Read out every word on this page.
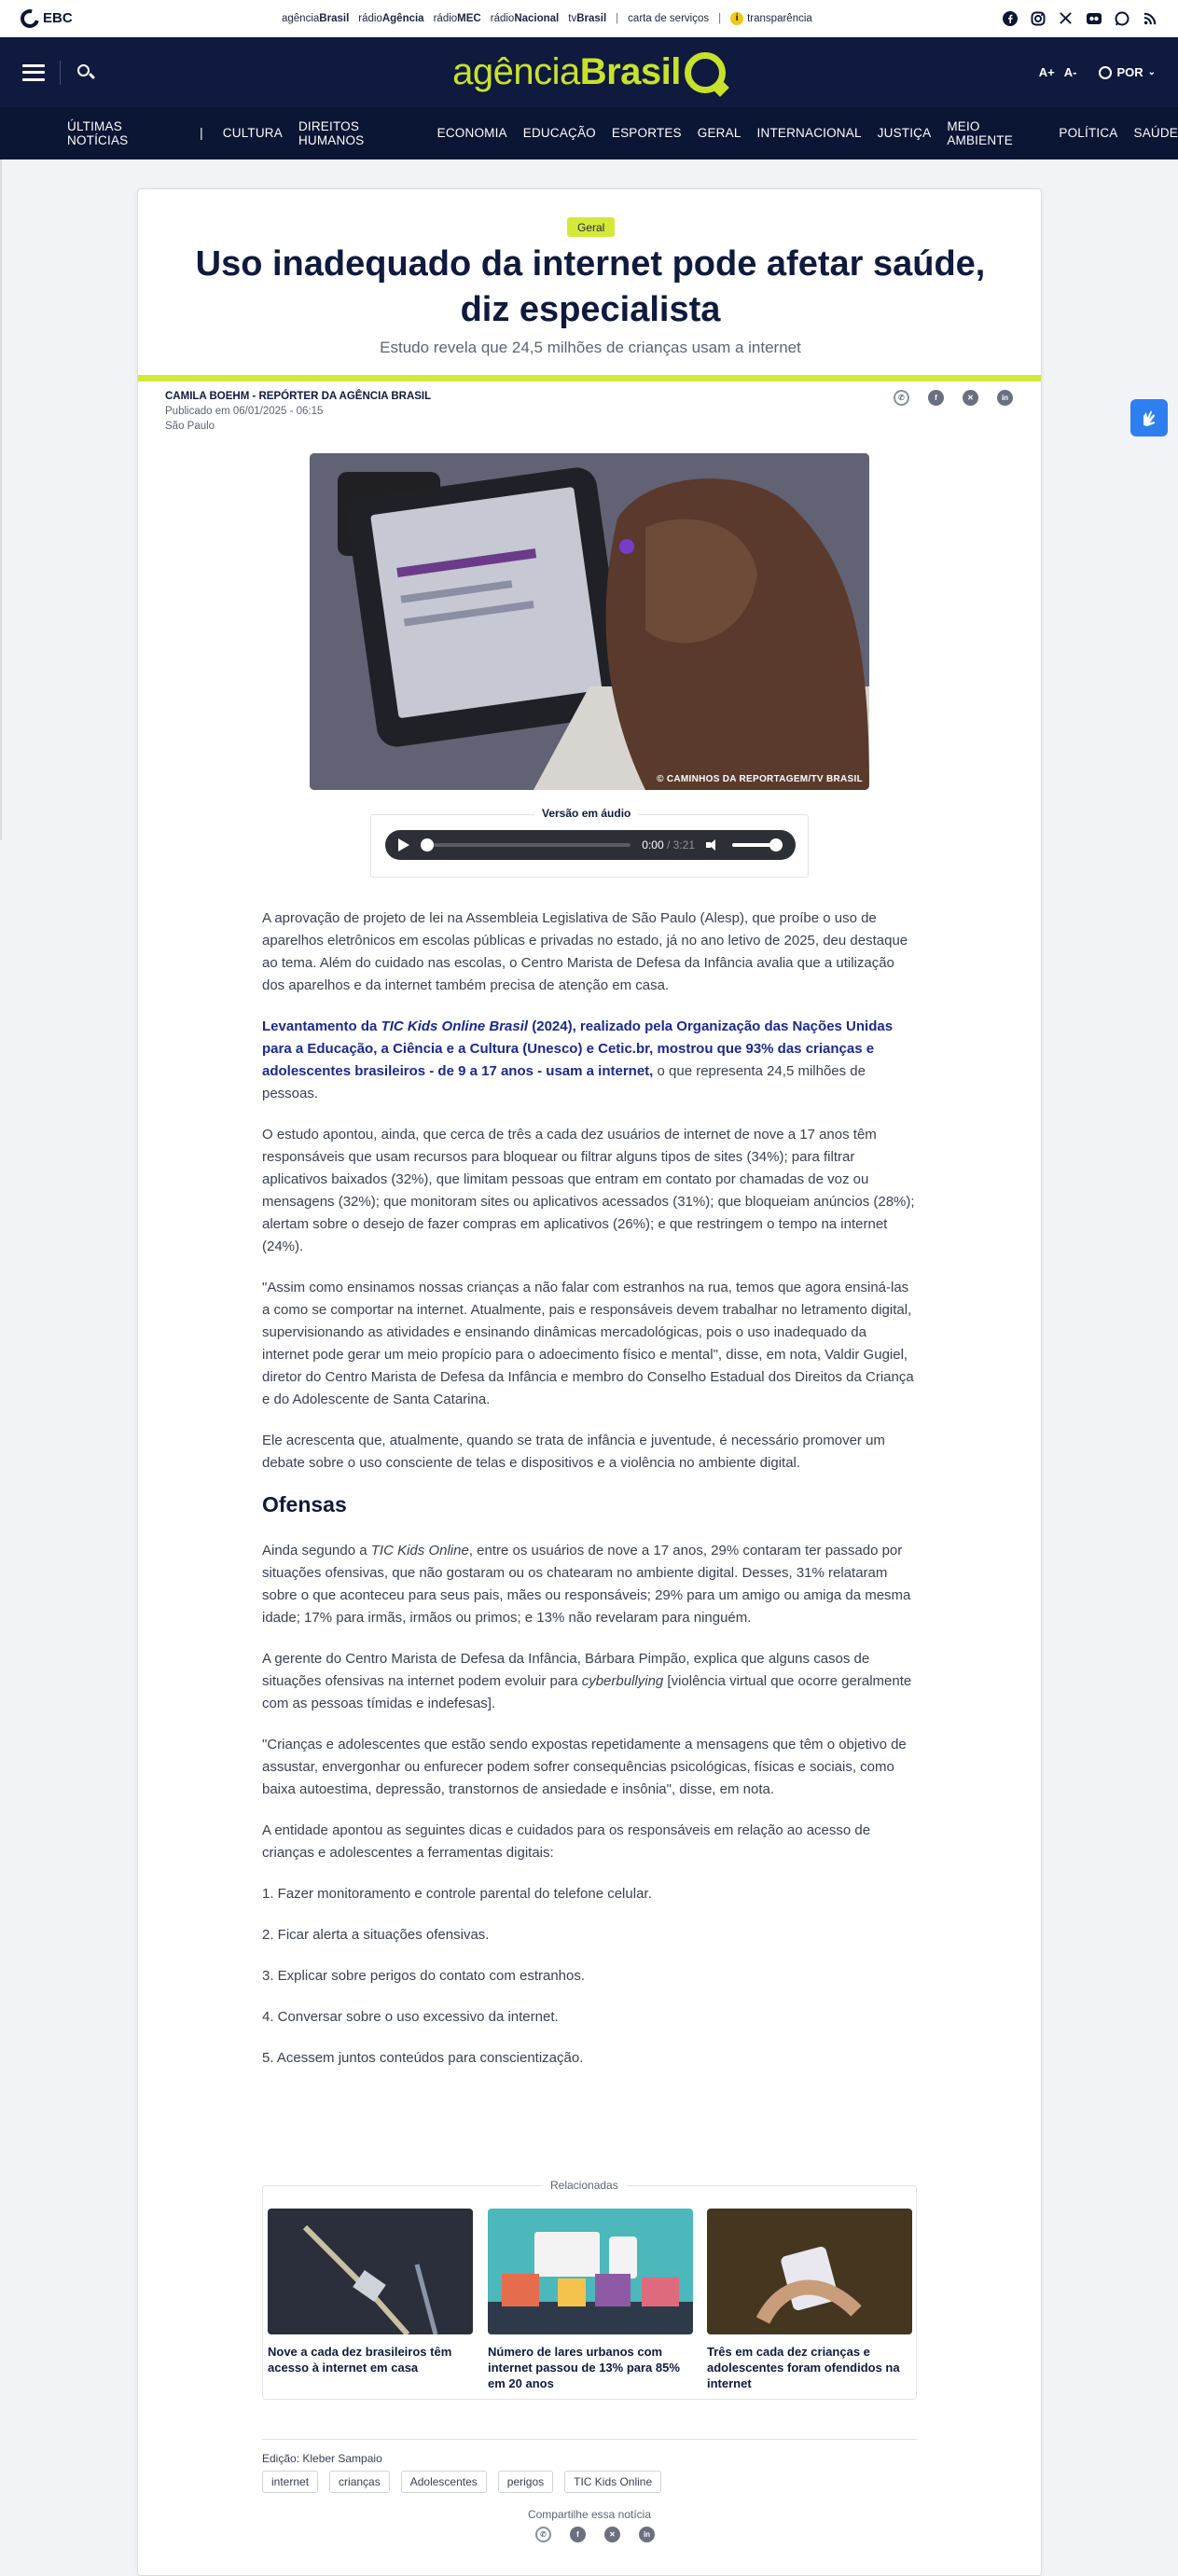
EBC	agênciaBrasil rádioAgência rádioMEC rádioNacional tvBrasil | carta de serviços |	i transparência
agênciaBrasil	A+ A-	POR ⌄
ÚLTIMAS NOTÍCIAS	| CULTURA DIREITOS HUMANOS	ECONOMIA EDUCAÇÃO ESPORTES GERAL INTERNACIONAL JUSTIÇA MEIO AMBIENTE	POLÍTICA SAÚDE
Geral
Uso inadequado da internet pode afetar saúde, diz especialista
Estudo revela que 24,5 milhões de crianças usam a internet
CAMILA BOEHM - REPÓRTER DA AGÊNCIA BRASIL
Publicado em 06/01/2025 - 06:15
São Paulo
✆	f	✕	in
© CAMINHOS DA REPORTAGEM/TV BRASIL
Versão em áudio
0:00 / 3:21

A aprovação de projeto de lei na Assembleia Legislativa de São Paulo (Alesp), que proíbe o uso de aparelhos eletrônicos em escolas públicas e privadas no estado, já no ano letivo de 2025, deu destaque ao tema. Além do cuidado nas escolas, o Centro Marista de Defesa da Infância avalia que a utilização dos aparelhos e da internet também precisa de atenção em casa.

Levantamento da TIC Kids Online Brasil (2024), realizado pela Organização das Nações Unidas para a Educação, a Ciência e a Cultura (Unesco) e Cetic.br, mostrou que 93% das crianças e adolescentes brasileiros - de 9 a 17 anos - usam a internet, o que representa 24,5 milhões de pessoas.

O estudo apontou, ainda, que cerca de três a cada dez usuários de internet de nove a 17 anos têm responsáveis que usam recursos para bloquear ou filtrar alguns tipos de sites (34%); para filtrar aplicativos baixados (32%), que limitam pessoas que entram em contato por chamadas de voz ou mensagens (32%); que monitoram sites ou aplicativos acessados (31%); que bloqueiam anúncios (28%); alertam sobre o desejo de fazer compras em aplicativos (26%); e que restringem o tempo na internet (24%).

"Assim como ensinamos nossas crianças a não falar com estranhos na rua, temos que agora ensiná-las a como se comportar na internet. Atualmente, pais e responsáveis devem trabalhar no letramento digital, supervisionando as atividades e ensinando dinâmicas mercadológicas, pois o uso inadequado da internet pode gerar um meio propício para o adoecimento físico e mental", disse, em nota, Valdir Gugiel, diretor do Centro Marista de Defesa da Infância e membro do Conselho Estadual dos Direitos da Criança e do Adolescente de Santa Catarina.

Ele acrescenta que, atualmente, quando se trata de infância e juventude, é necessário promover um debate sobre o uso consciente de telas e dispositivos e a violência no ambiente digital.

Ofensas

Ainda segundo a TIC Kids Online, entre os usuários de nove a 17 anos, 29% contaram ter passado por situações ofensivas, que não gostaram ou os chatearam no ambiente digital. Desses, 31% relataram sobre o que aconteceu para seus pais, mães ou responsáveis; 29% para um amigo ou amiga da mesma idade; 17% para irmãs, irmãos ou primos; e 13% não revelaram para ninguém.

A gerente do Centro Marista de Defesa da Infância, Bárbara Pimpão, explica que alguns casos de situações ofensivas na internet podem evoluir para cyberbullying [violência virtual que ocorre geralmente com as pessoas tímidas e indefesas].

"Crianças e adolescentes que estão sendo expostas repetidamente a mensagens que têm o objetivo de assustar, envergonhar ou enfurecer podem sofrer consequências psicológicas, físicas e sociais, como baixa autoestima, depressão, transtornos de ansiedade e insônia", disse, em nota.

A entidade apontou as seguintes dicas e cuidados para os responsáveis em relação ao acesso de crianças e adolescentes a ferramentas digitais:

1. Fazer monitoramento e controle parental do telefone celular.

2. Ficar alerta a situações ofensivas.

3. Explicar sobre perigos do contato com estranhos.

4. Conversar sobre o uso excessivo da internet.

5. Acessem juntos conteúdos para conscientização.

Relacionadas
Nove a cada dez brasileiros têm acesso à internet em casa
Número de lares urbanos com internet passou de 13% para 85% em 20 anos
Três em cada dez crianças e adolescentes foram ofendidos na internet
Edição: Kleber Sampaio
internet	crianças	Adolescentes	perigos	TIC Kids Online
Compartilhe essa notícia
✆	f	✕	in
